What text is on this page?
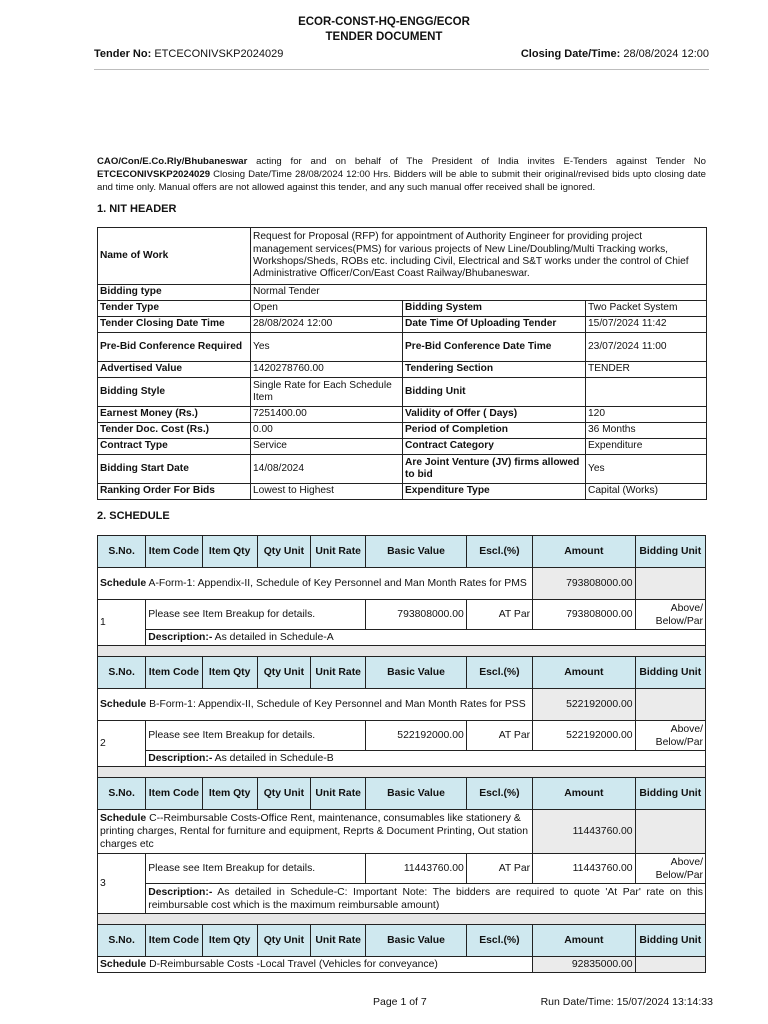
ECOR-CONST-HQ-ENGG/ECOR
TENDER DOCUMENT
Tender No: ETCECONIVSKP2024029	Closing Date/Time: 28/08/2024 12:00
CAO/Con/E.Co.Rly/Bhubaneswar acting for and on behalf of The President of India invites E-Tenders against Tender No ETCECONIVSKP2024029 Closing Date/Time 28/08/2024 12:00 Hrs. Bidders will be able to submit their original/revised bids upto closing date and time only. Manual offers are not allowed against this tender, and any such manual offer received shall be ignored.
1. NIT HEADER
Name of Work	Request for Proposal (RFP) for appointment of Authority Engineer for providing project management services(PMS) for various projects of New Line/Doubling/Multi Tracking works, Workshops/Sheds, ROBs etc. including Civil, Electrical and S&T works under the control of Chief Administrative Officer/Con/East Coast Railway/Bhubaneswar.		
Bidding type	Normal Tender		
Tender Type	Open	Bidding System	Two Packet System
Tender Closing Date Time	28/08/2024 12:00	Date Time Of Uploading Tender	15/07/2024 11:42
Pre-Bid Conference Required	Yes	Pre-Bid Conference Date Time	23/07/2024 11:00
Advertised Value	1420278760.00	Tendering Section	TENDER
Bidding Style	Single Rate for Each Schedule Item	Bidding Unit	
Earnest Money (Rs.)	7251400.00	Validity of Offer ( Days)	120
Tender Doc. Cost (Rs.)	0.00	Period of Completion	36 Months
Contract Type	Service	Contract Category	Expenditure
Bidding Start Date	14/08/2024	Are Joint Venture (JV) firms allowed to bid	Yes
Ranking Order For Bids	Lowest to Highest	Expenditure Type	Capital (Works)
2. SCHEDULE
S.No.	Item Code	Item Qty	Qty Unit	Unit Rate	Basic Value	Escl.(%)	Amount	Bidding Unit
Schedule A-Form-1: Appendix-II, Schedule of Key Personnel and Man Month Rates for PMS							793808000.00	
1	Please see Item Breakup for details.				793808000.00	AT Par	793808000.00	Above/ Below/Par
	Description:- As detailed in Schedule-A							

S.No.	Item Code	Item Qty	Qty Unit	Unit Rate	Basic Value	Escl.(%)	Amount	Bidding Unit
Schedule B-Form-1: Appendix-II, Schedule of Key Personnel and Man Month Rates for PSS							522192000.00	
2	Please see Item Breakup for details.				522192000.00	AT Par	522192000.00	Above/ Below/Par
	Description:- As detailed in Schedule-B							

S.No.	Item Code	Item Qty	Qty Unit	Unit Rate	Basic Value	Escl.(%)	Amount	Bidding Unit
Schedule C--Reimbursable Costs-Office Rent, maintenance, consumables like stationery & printing charges, Rental for furniture and equipment, Reprts & Document Printing, Out station charges etc							11443760.00	
3	Please see Item Breakup for details.				11443760.00	AT Par	11443760.00	Above/ Below/Par
	Description:- As detailed in Schedule-C: Important Note: The bidders are required to quote 'At Par' rate on this reimbursable cost which is the maximum reimbursable amount)							

S.No.	Item Code	Item Qty	Qty Unit	Unit Rate	Basic Value	Escl.(%)	Amount	Bidding Unit
Schedule D-Reimbursable Costs -Local Travel (Vehicles for conveyance)							92835000.00	
Page 1 of 7	Run Date/Time: 15/07/2024 13:14:33
